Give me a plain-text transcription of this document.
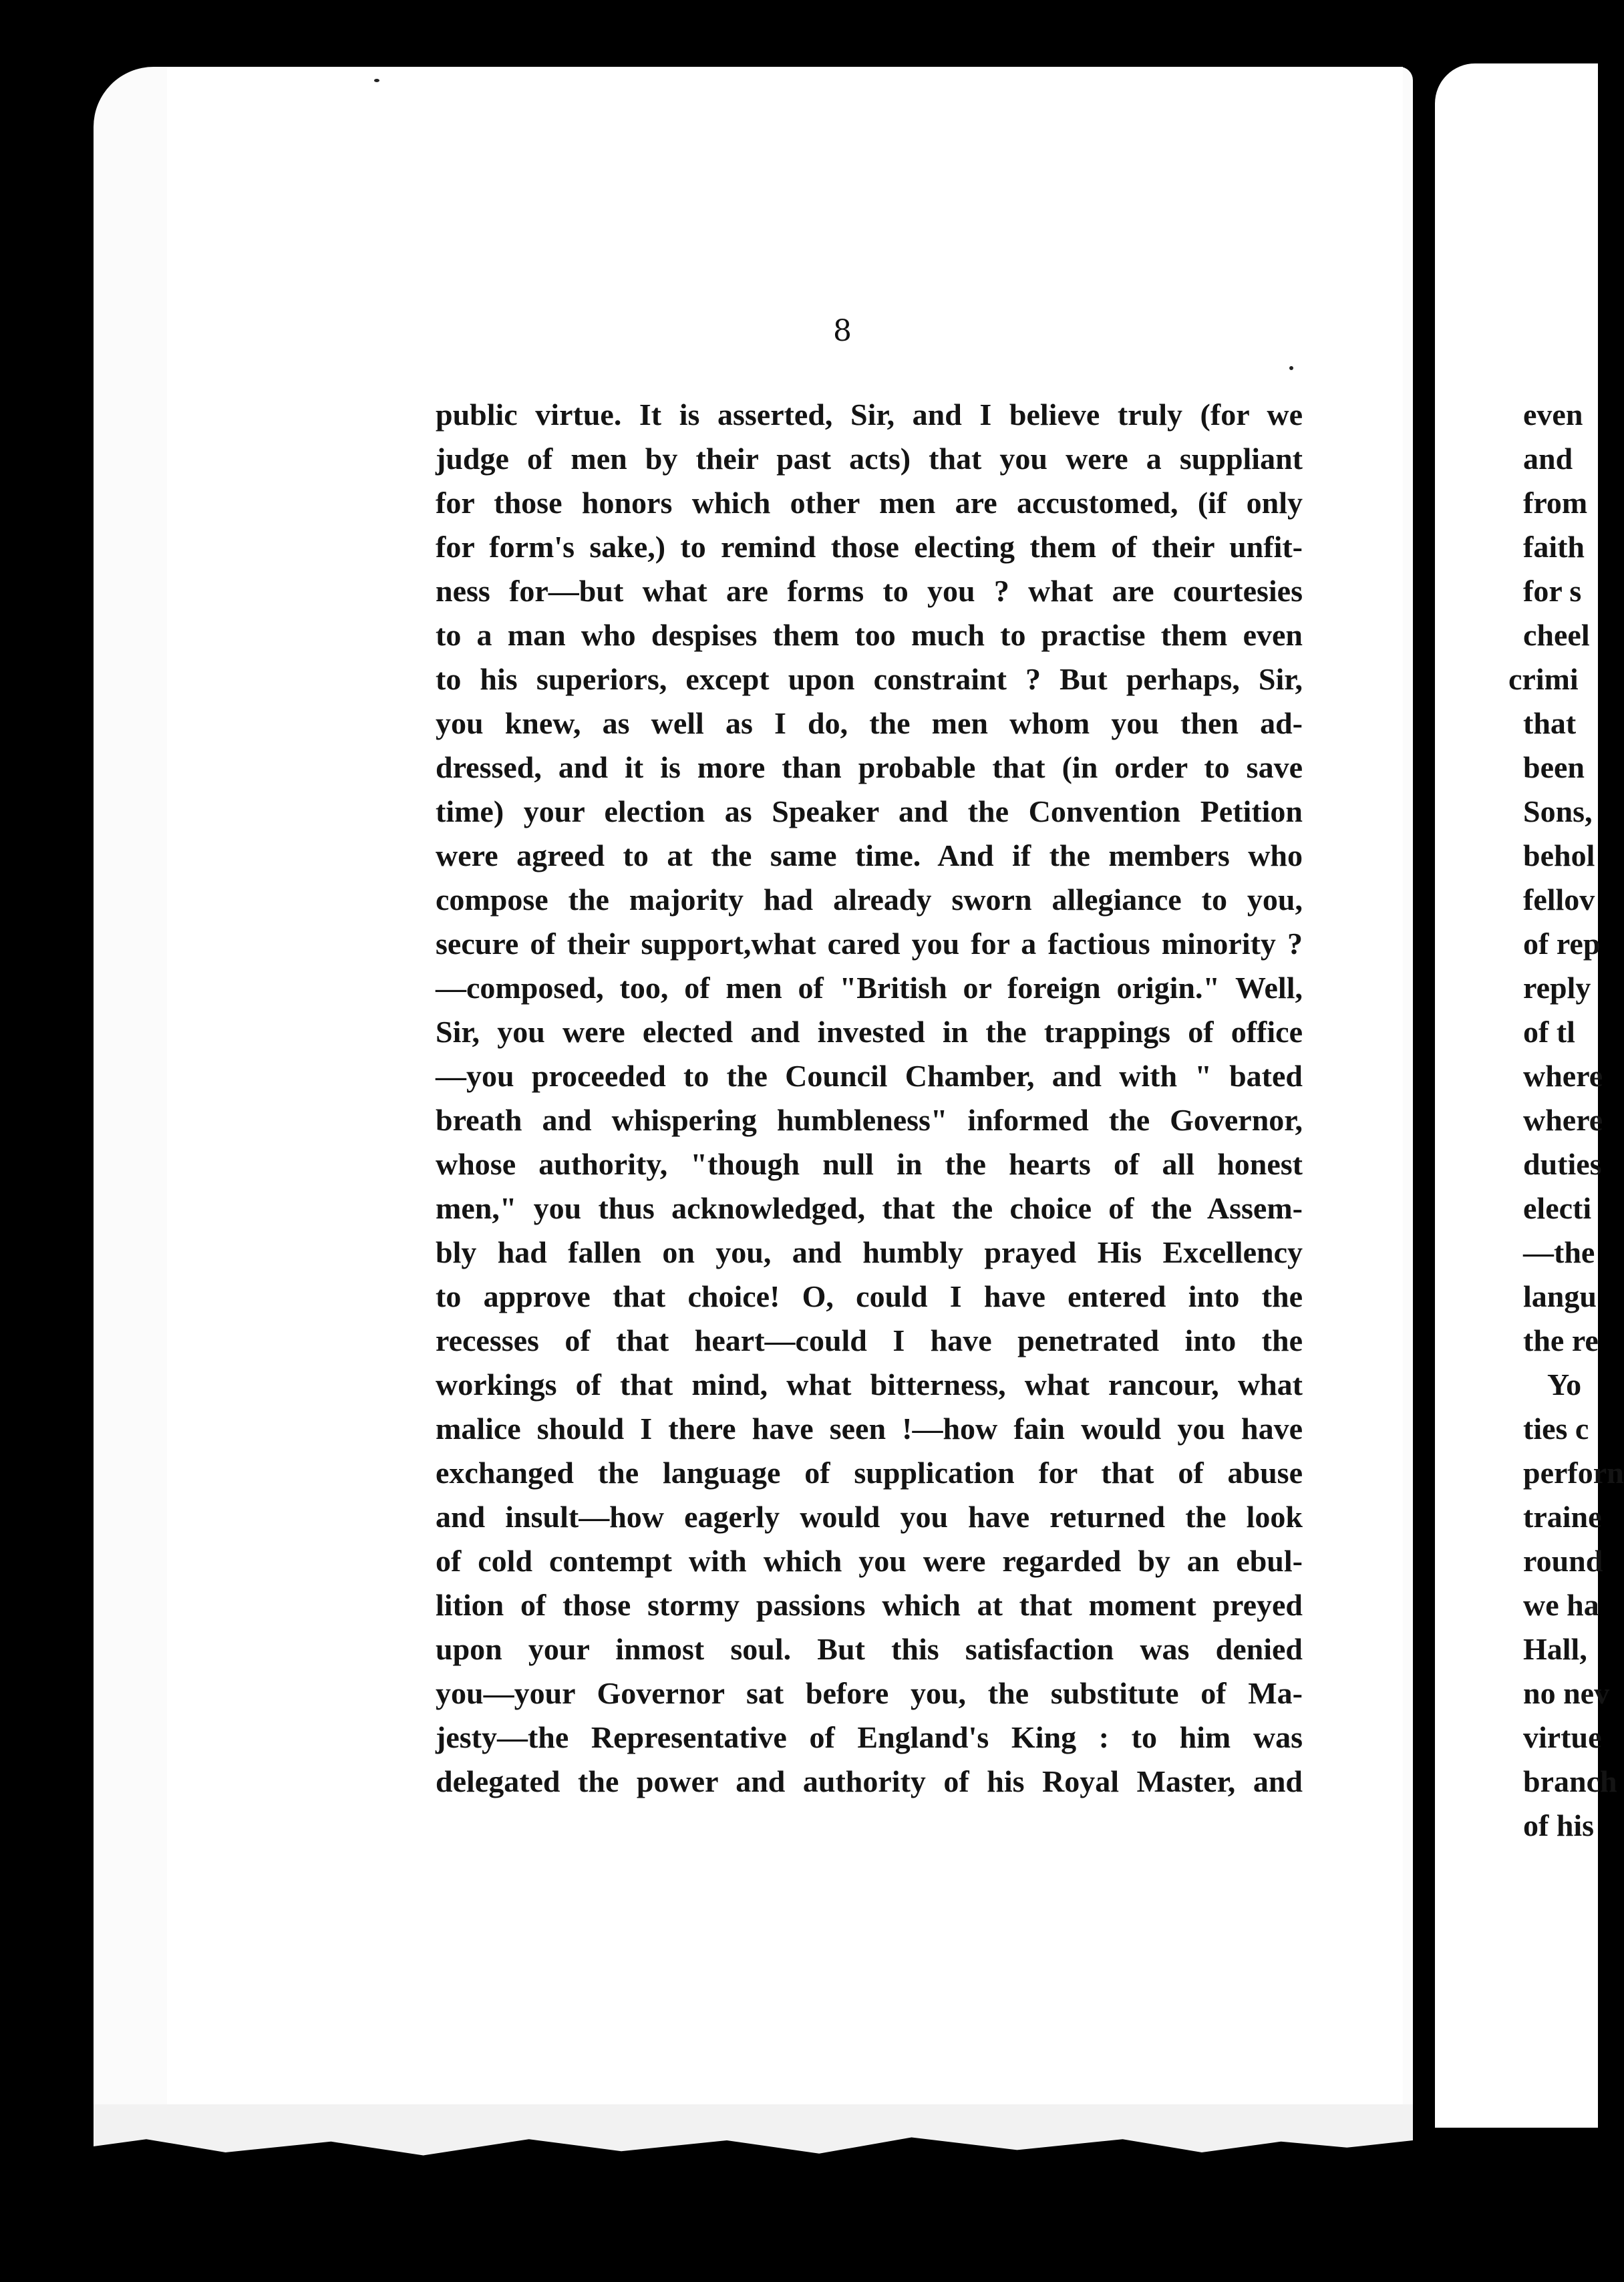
8
public virtue. It is asserted, Sir, and I believe truly (for we
judge of men by their past acts) that you were a suppliant
for those honors which other men are accustomed, (if only
for form's sake,) to remind those electing them of their unfit-
ness for—but what are forms to you ? what are courtesies
to a man who despises them too much to practise them even
to his superiors, except upon constraint ? But perhaps, Sir,
you knew, as well as I do, the men whom you then ad-
dressed, and it is more than probable that (in order to save
time) your election as Speaker and the Convention Petition
were agreed to at the same time. And if the members who
compose the majority had already sworn allegiance to you,
secure of their support,what cared you for a factious minority ?
—composed, too, of men of "British or foreign origin." Well,
Sir, you were elected and invested in the trappings of office
—you proceeded to the Council Chamber, and with " bated
breath and whispering humbleness" informed the Governor,
whose authority, "though null in the hearts of all honest
men," you thus acknowledged, that the choice of the Assem-
bly had fallen on you, and humbly prayed His Excellency
to approve that choice! O, could I have entered into the
recesses of that heart—could I have penetrated into the
workings of that mind, what bitterness, what rancour, what
malice should I there have seen !—how fain would you have
exchanged the language of supplication for that of abuse
and insult—how eagerly would you have returned the look
of cold contempt with which you were regarded by an ebul-
lition of those stormy passions which at that moment preyed
upon your inmost soul. But this satisfaction was denied
you—your Governor sat before you, the substitute of Ma-
jesty—the Representative of England's King : to him was
delegated the power and authority of his Royal Master, and
even
and
from
faith
for s
cheel
crimi
that
been
Sons,
behol
fellov
of rep
reply
of tl
where
where
duties
electi
—the
langu
the re
Yo
ties c
perforn
traine
round
we ha
Hall,
no nev
virtue
branch
of his
